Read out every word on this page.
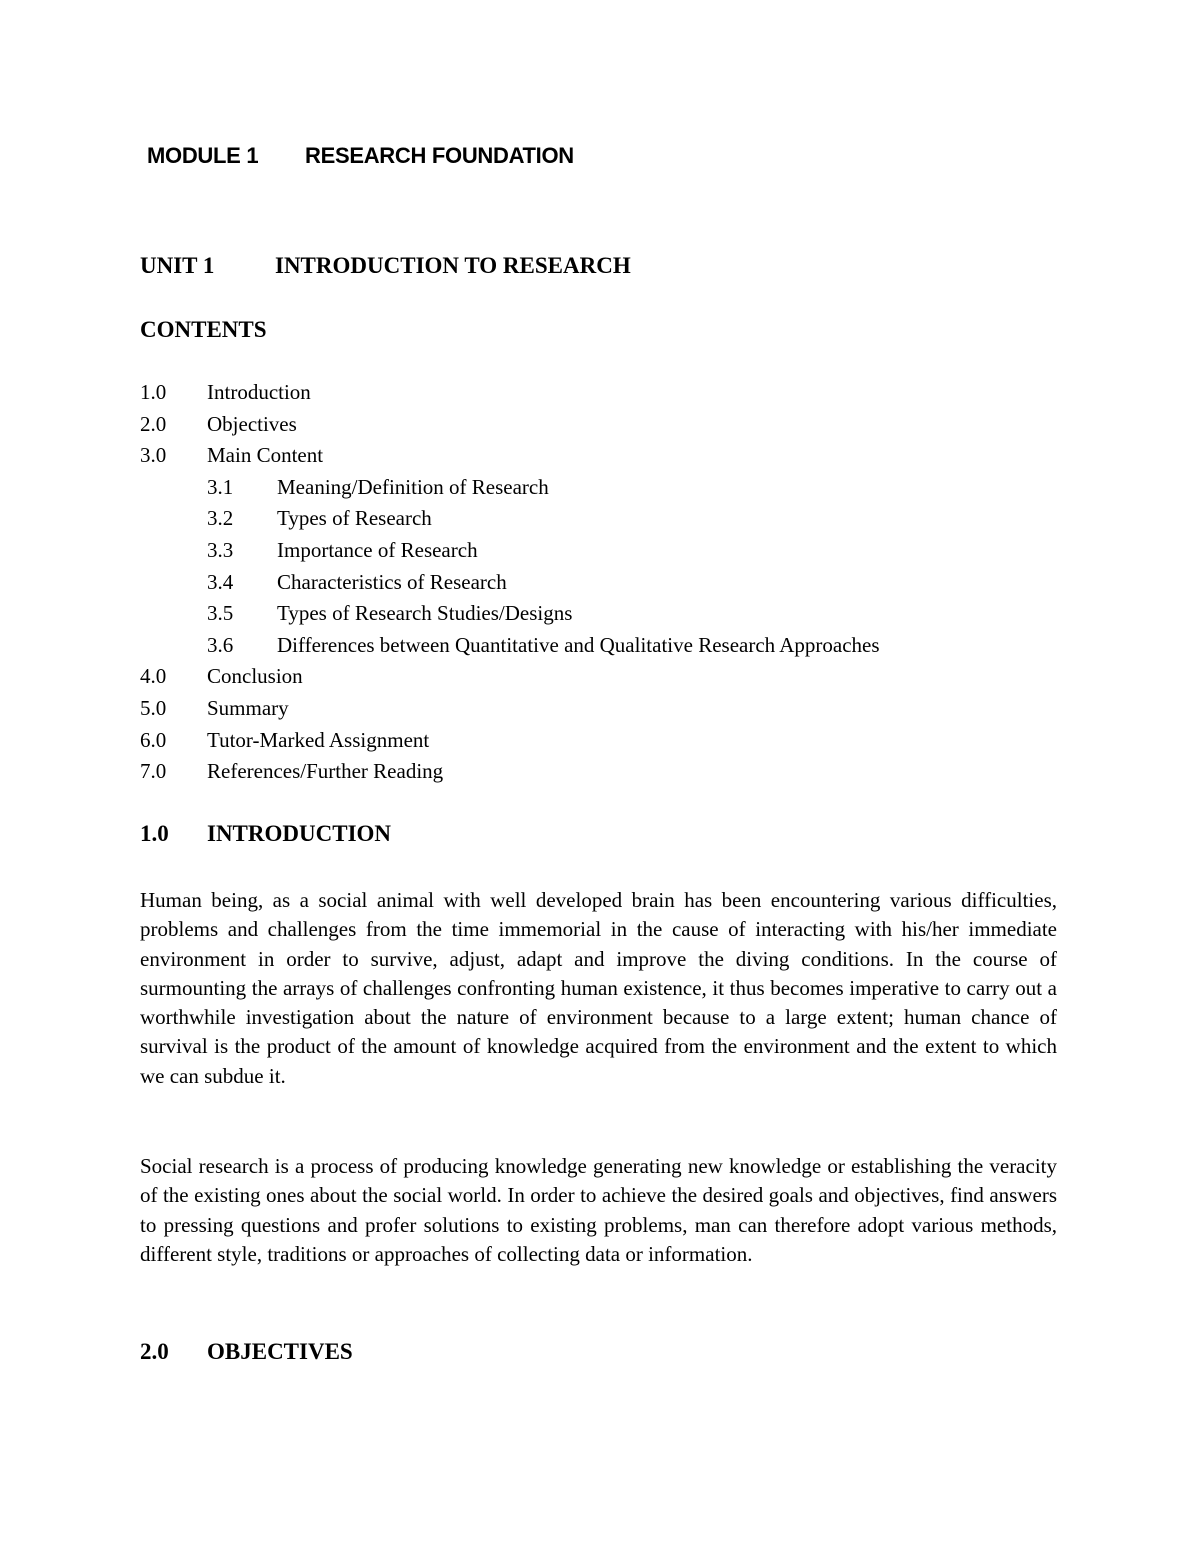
MODULE 1 RESEARCH FOUNDATION
UNIT 1	INTRODUCTION TO RESEARCH
CONTENTS
1.0 Introduction
2.0 Objectives
3.0 Main Content
3.1 Meaning/Definition of Research
3.2 Types of Research
3.3 Importance of Research
3.4 Characteristics of Research
3.5 Types of Research Studies/Designs
3.6 Differences between Quantitative and Qualitative Research Approaches
4.0 Conclusion
5.0 Summary
6.0 Tutor-Marked Assignment
7.0 References/Further Reading
1.0 INTRODUCTION

Human being, as a social animal with well developed brain has been encountering various difficulties, problems and challenges from the time immemorial in the cause of interacting with his/her immediate environment in order to survive, adjust, adapt and improve the diving conditions. In the course of surmounting the arrays of challenges confronting human existence, it thus becomes imperative to carry out a worthwhile investigation about the nature of environment because to a large extent; human chance of survival is the product of the amount of knowledge acquired from the environment and the extent to which we can subdue it.

Social research is a process of producing knowledge generating new knowledge or establishing the veracity of the existing ones about the social world. In order to achieve the desired goals and objectives, find answers to pressing questions and profer solutions to existing problems, man can therefore adopt various methods, different style, traditions or approaches of collecting data or information.

2.0 OBJECTIVES
